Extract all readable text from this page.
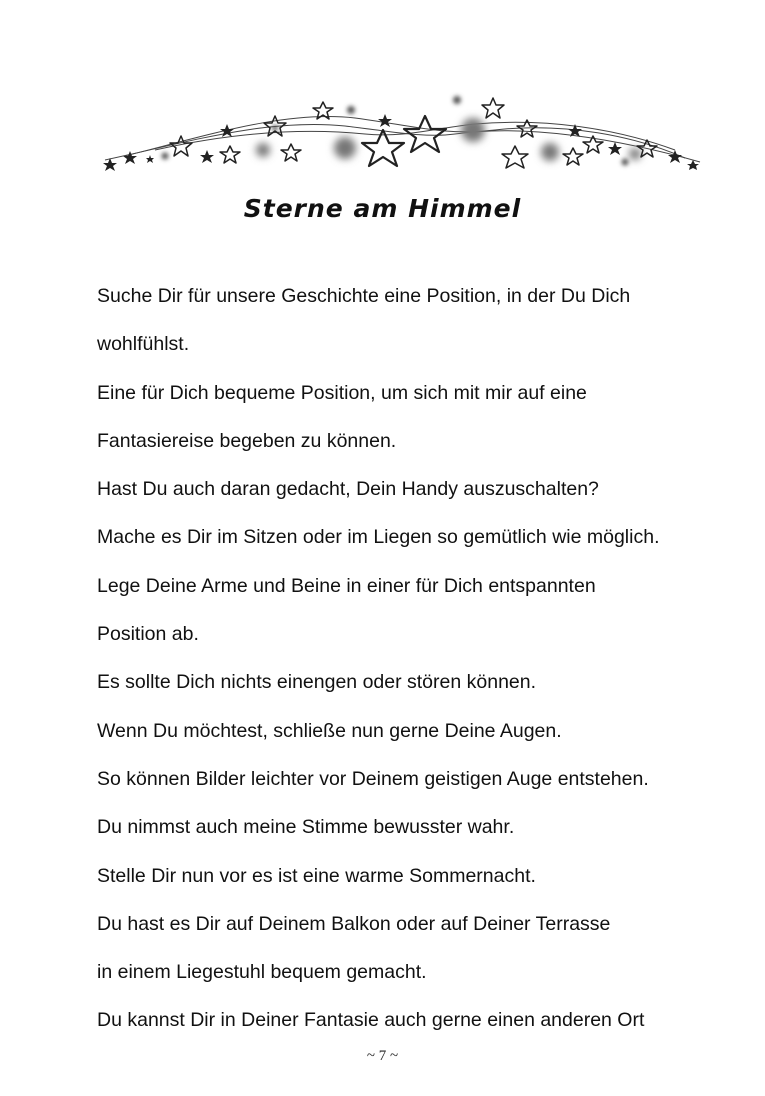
Sterne am Himmel
Suche Dir für unsere Geschichte eine Position, in der Du Dich
wohlfühlst.
Eine für Dich bequeme Position, um sich mit mir auf eine
Fantasiereise begeben zu können.
Hast Du auch daran gedacht, Dein Handy auszuschalten?
Mache es Dir im Sitzen oder im Liegen so gemütlich wie möglich.
Lege Deine Arme und Beine in einer für Dich entspannten
Position ab.
Es sollte Dich nichts einengen oder stören können.
Wenn Du möchtest, schließe nun gerne Deine Augen.
So können Bilder leichter vor Deinem geistigen Auge entstehen.
Du nimmst auch meine Stimme bewusster wahr.
Stelle Dir nun vor es ist eine warme Sommernacht.
Du hast es Dir auf Deinem Balkon oder auf Deiner Terrasse
in einem Liegestuhl bequem gemacht.
Du kannst Dir in Deiner Fantasie auch gerne einen anderen Ort
~ 7 ~
